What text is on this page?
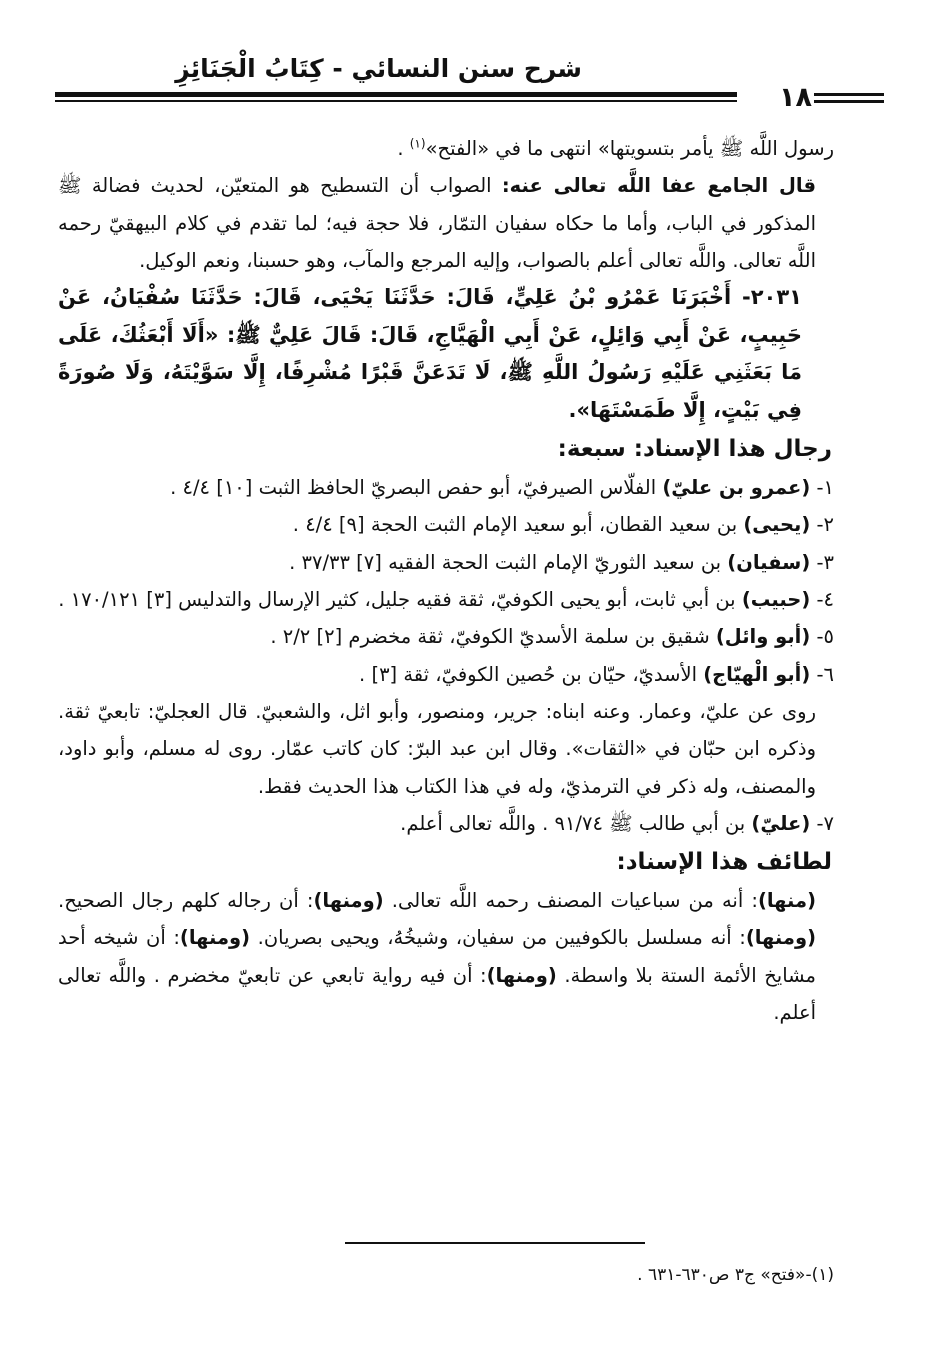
شرح سنن النسائي - كِتَابُ الْجَنَائِزِ
١٨

رسول اللَّه ﷺ يأمر بتسويتها» انتهى ما في «الفتح»$^{(١)}$ .

قال الجامع عفا اللَّه تعالى عنه: الصواب أن التسطيح هو المتعيّن، لحديث فضالة ﷺ المذكور في الباب، وأما ما حكاه سفيان التمّار، فلا حجة فيه؛ لما تقدم في كلام البيهقيّ رحمه اللَّه تعالى. واللَّه تعالى أعلم بالصواب، وإليه المرجع والمآب، وهو حسبنا، ونعم الوكيل.

٢٠٣١- أَخْبَرَنَا عَمْرُو بْنُ عَلِيٍّ، قَالَ: حَدَّثَنَا يَحْيَى، قَالَ: حَدَّثَنَا سُفْيَانُ، عَنْ حَبِيبٍ، عَنْ أَبِي وَائِلٍ، عَنْ أَبِي الْهَيَّاجِ، قَالَ: قَالَ عَلِيٌّ ﷺ: «أَلَا أَبْعَثُكَ، عَلَى مَا بَعَثَنِي عَلَيْهِ رَسُولُ اللَّهِ ﷺ، لَا تَدَعَنَّ قَبْرًا مُشْرِفًا، إِلَّا سَوَّيْتَهُ، وَلَا صُورَةً فِي بَيْتٍ، إِلَّا طَمَسْتَهَا».

رجال هذا الإسناد: سبعة:

١- (عمرو بن عليّ) الفلّاس الصيرفيّ، أبو حفص البصريّ الحافظ الثبت [١٠] ٤/٤ .

٢- (يحيى) بن سعيد القطان، أبو سعيد الإمام الثبت الحجة [٩] ٤/٤ .

٣- (سفيان) بن سعيد الثوريّ الإمام الثبت الحجة الفقيه [٧] ٣٧/٣٣ .

٤- (حبيب) بن أبي ثابت، أبو يحيى الكوفيّ، ثقة فقيه جليل، كثير الإرسال والتدليس [٣] ١٧٠/١٢١ .

٥- (أبو وائل) شقيق بن سلمة الأسديّ الكوفيّ، ثقة مخضرم [٢] ٢/٢ .

٦- (أبو الْهيّاج) الأسديّ، حيّان بن حُصين الكوفيّ، ثقة [٣] .

روى عن عليّ، وعمار. وعنه ابناه: جرير، ومنصور، وأبو اثل، والشعبيّ. قال العجليّ: تابعيّ ثقة. وذكره ابن حبّان في «الثقات». وقال ابن عبد البرّ: كان كاتب عمّار. روى له مسلم، وأبو داود، والمصنف، وله ذكر في الترمذيّ، وله في هذا الكتاب هذا الحديث فقط.

٧- (عليّ) بن أبي طالب ﷺ ٩١/٧٤ . واللَّه تعالى أعلم.

لطائف هذا الإسناد:

(منها): أنه من سباعيات المصنف رحمه اللَّه تعالى. (ومنها): أن رجاله كلهم رجال الصحيح. (ومنها): أنه مسلسل بالكوفيين من سفيان، وشيخُهُ، ويحيى بصريان. (ومنها): أن شيخه أحد مشايخ الأئمة الستة بلا واسطة. (ومنها): أن فيه رواية تابعي عن تابعيّ مخضرم . واللَّه تعالى أعلم.

(١)-«فتح» ج٣ ص٦٣٠-٦٣١ .
